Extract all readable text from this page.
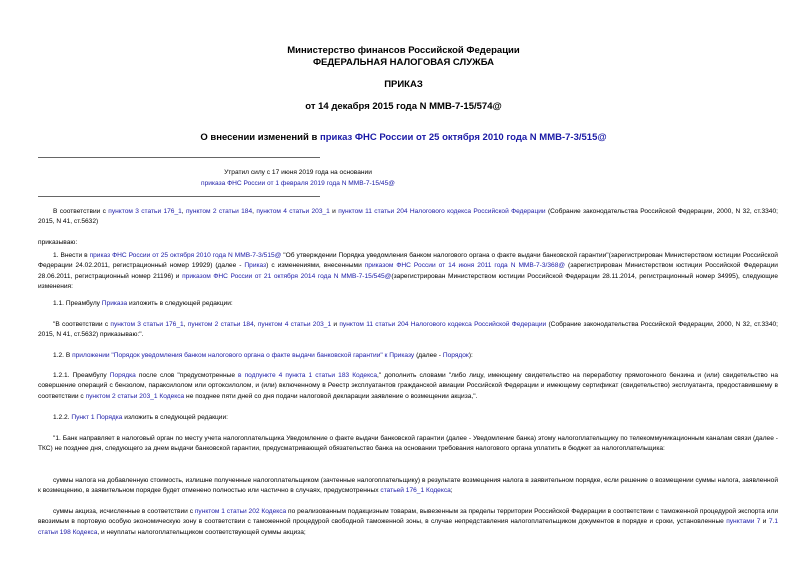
Министерство финансов Российской Федерации
ФЕДЕРАЛЬНАЯ НАЛОГОВАЯ СЛУЖБА
ПРИКАЗ
от 14 декабря 2015 года N ММВ-7-15/574@
О внесении изменений в приказ ФНС России от 25 октября 2010 года N ММВ-7-3/515@
Утратил силу с 17 июня 2019 года на основании
приказа ФНС России от 1 февраля 2019 года N ММВ-7-15/45@
В соответствии с пунктом 3 статьи 176_1, пунктом 2 статьи 184, пунктом 4 статьи 203_1 и пунктом 11 статьи 204 Налогового кодекса Российской Федерации (Собрание законодательства Российской Федерации, 2000, N 32, ст.3340; 2015, N 41, ст.5632)
приказываю:
1. Внести в приказ ФНС России от 25 октября 2010 года N ММВ-7-3/515@ "Об утверждении Порядка уведомления банком налогового органа о факте выдачи банковской гарантии"(зарегистрирован Министерством юстиции Российской Федерации 24.02.2011, регистрационный номер 19929) (далее - Приказ) с изменениями, внесенными приказом ФНС России от 14 июня 2011 года N ММВ-7-3/368@ (зарегистрирован Министерством юстиции Российской Федерации 28.06.2011, регистрационный номер 21196) и приказом ФНС России от 21 октября 2014 года N ММВ-7-15/545@(зарегистрирован Министерством юстиции Российской Федерации 28.11.2014, регистрационный номер 34995), следующие изменения:
1.1. Преамбулу Приказа изложить в следующей редакции:
"В соответствии с пунктом 3 статьи 176_1, пунктом 2 статьи 184, пунктом 4 статьи 203_1 и пунктом 11 статьи 204 Налогового кодекса Российской Федерации (Собрание законодательства Российской Федерации, 2000, N 32, ст.3340; 2015, N 41, ст.5632) приказываю:".
1.2. В приложении "Порядок уведомления банком налогового органа о факте выдачи банковской гарантии" к Приказу (далее - Порядок):
1.2.1. Преамбулу Порядка после слов "предусмотренные в подпункте 4 пункта 1 статьи 183 Кодекса," дополнить словами "либо лицу, имеющему свидетельство на переработку прямогонного бензина и (или) свидетельство на совершение операций с бензолом, параксилолом или ортоксилолом, и (или) включенному в Реестр эксплуатантов гражданской авиации Российской Федерации и имеющему сертификат (свидетельство) эксплуатанта, предоставившему в соответствии с пунктом 2 статьи 203_1 Кодекса не позднее пяти дней со дня подачи налоговой декларации заявление о возмещении акциза,".
1.2.2. Пункт 1 Порядка изложить в следующей редакции:
"1. Банк направляет в налоговый орган по месту учета налогоплательщика Уведомление о факте выдачи банковской гарантии (далее - Уведомление банка) этому налогоплательщику по телекоммуникационным каналам связи (далее - ТКС) не позднее дня, следующего за днем выдачи банковской гарантии, предусматривающей обязательство банка на основании требования налогового органа уплатить в бюджет за налогоплательщика:
суммы налога на добавленную стоимость, излишне полученные налогоплательщиком (зачтенные налогоплательщику) в результате возмещения налога в заявительном порядке, если решение о возмещении суммы налога, заявленной к возмещению, в заявительном порядке будет отменено полностью или частично в случаях, предусмотренных статьей 176_1 Кодекса;
суммы акциза, исчисленные в соответствии с пунктом 1 статьи 202 Кодекса по реализованным подакцизным товарам, вывезенным за пределы территории Российской Федерации в соответствии с таможенной процедурой экспорта или ввозимым в портовую особую экономическую зону в соответствии с таможенной процедурой свободной таможенной зоны, в случае непредставления налогоплательщиком документов в порядке и сроки, установленные пунктами 7 и 7.1 статьи 198 Кодекса, и неуплаты налогоплательщиком соответствующей суммы акциза;
